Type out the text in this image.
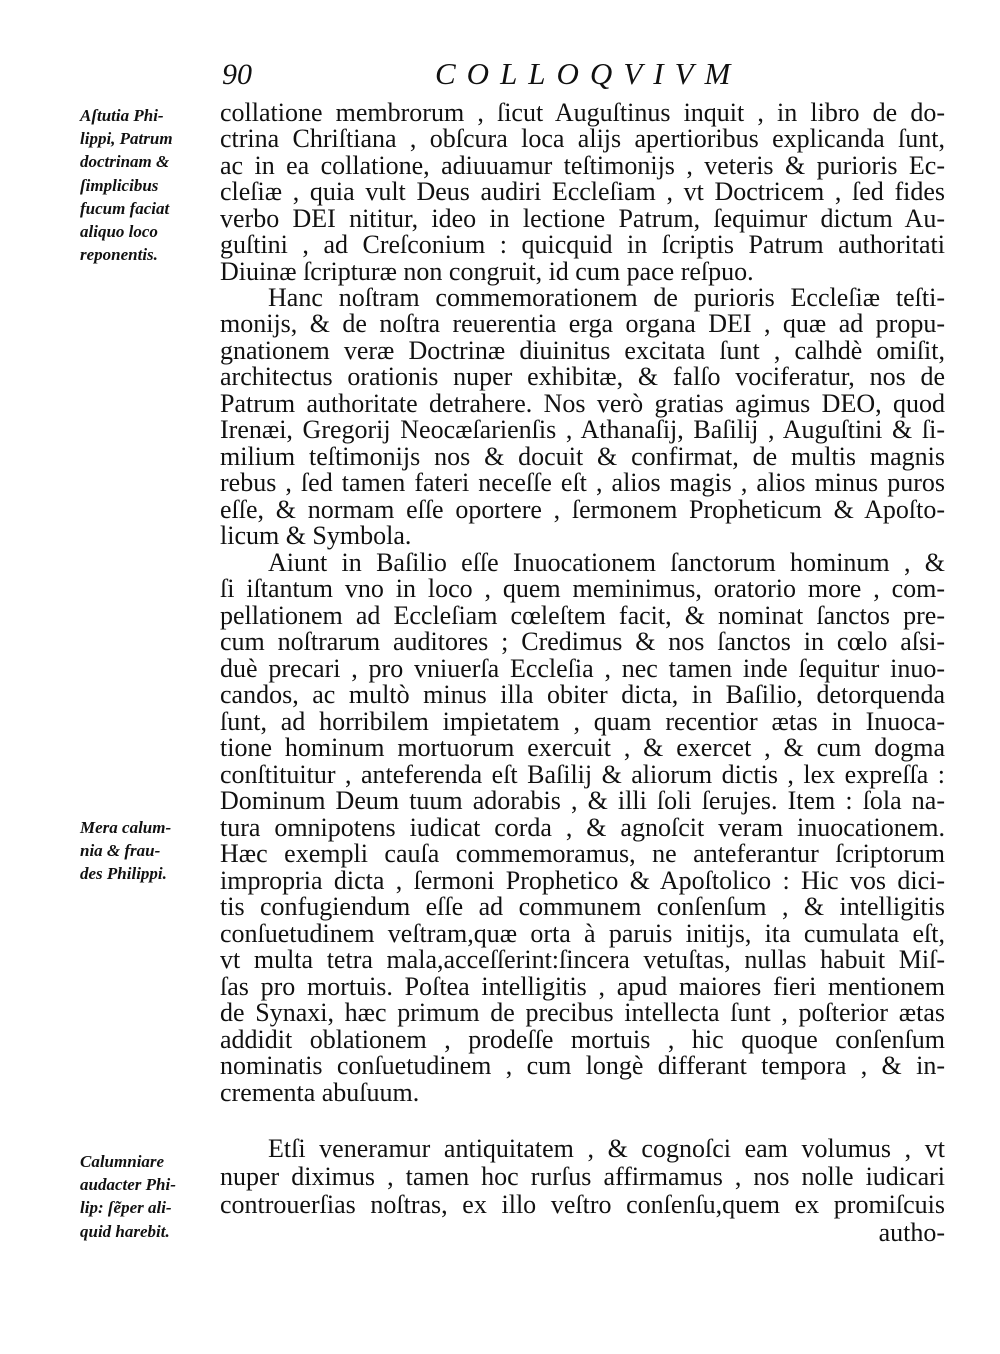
90	COLLOQVIVM
Aſtutia Phi-
lippi, Patrum
doctrinam &
ſimplicibus
fucum faciat
aliquo loco
reponentis.
Mera calum-
nia & frau-
des Philippi.
Calumniare
audacter Phi-
lip: ſẽper ali-
quid harebit.
collatione membrorum , ſicut Auguſtinus inquit , in libro de do-
ctrina Chriſtiana , obſcura loca alijs apertioribus explicanda ſunt,
ac in ea collatione, adiuuamur teſtimonijs , veteris & purioris Ec-
cleſiæ , quia vult Deus audiri Eccleſiam , vt Doctricem , ſed fides
verbo DEI nititur, ideo in lectione Patrum, ſequimur dictum Au-
guſtini , ad Creſconium : quicquid in ſcriptis Patrum authoritati
Diuinæ ſcripturæ non congruit, id cum pace reſpuo.
Hanc noſtram commemorationem de purioris Eccleſiæ teſti-
monijs, & de noſtra reuerentia erga organa DEI , quæ ad propu-
gnationem veræ Doctrinæ diuinitus excitata ſunt , calhdè omiſit,
architectus orationis nuper exhibitæ, & falſo vociferatur, nos de
Patrum authoritate detrahere. Nos verò gratias agimus DEO, quod
Irenæi, Gregorij Neocæſarienſis , Athanaſij, Baſilij , Auguſtini & ſi-
milium teſtimonijs nos & docuit & confirmat, de multis magnis
rebus , ſed tamen fateri neceſſe eſt , alios magis , alios minus puros
eſſe, & normam eſſe oportere , ſermonem Propheticum & Apoſto-
licum & Symbola.
Aiunt in Baſilio eſſe Inuocationem ſanctorum hominum , &
ſi iſtantum vno in loco , quem meminimus, oratorio more , com-
pellationem ad Eccleſiam cœleſtem facit, & nominat ſanctos pre-
cum noſtrarum auditores ; Credimus & nos ſanctos in cœlo aſsi-
duè precari , pro vniuerſa Eccleſia , nec tamen inde ſequitur inuo-
candos, ac multò minus illa obiter dicta, in Baſilio, detorquenda
ſunt, ad horribilem impietatem , quam recentior ætas in Inuoca-
tione hominum mortuorum exercuit , & exercet , & cum dogma
conſtituitur , anteferenda eſt Baſilij & aliorum dictis , lex expreſſa :
Dominum Deum tuum adorabis , & illi ſoli ſerujes. Item : ſola na-
tura omnipotens iudicat corda , & agnoſcit veram inuocationem.
Hæc exempli cauſa commemoramus, ne anteferantur ſcriptorum
impropria dicta , ſermoni Prophetico & Apoſtolico : Hic vos dici-
tis confugiendum eſſe ad communem conſenſum , & intelligitis
conſuetudinem veſtram,quæ orta à paruis initijs, ita cumulata eſt,
vt multa tetra mala,acceſſerint:ſincera vetuſtas, nullas habuit Miſ-
ſas pro mortuis. Poſtea intelligitis , apud maiores fieri mentionem
de Synaxi, hæc primum de precibus intellecta ſunt , poſterior ætas
addidit oblationem , prodeſſe mortuis , hic quoque conſenſum
nominatis conſuetudinem , cum longè differant tempora , & in-
crementa abuſuum.
Etſi veneramur antiquitatem , & cognoſci eam volumus , vt
nuper diximus , tamen hoc rurſus affirmamus , nos nolle iudicari
controuerſias noſtras, ex illo veſtro conſenſu,quem ex promiſcuis
autho-
